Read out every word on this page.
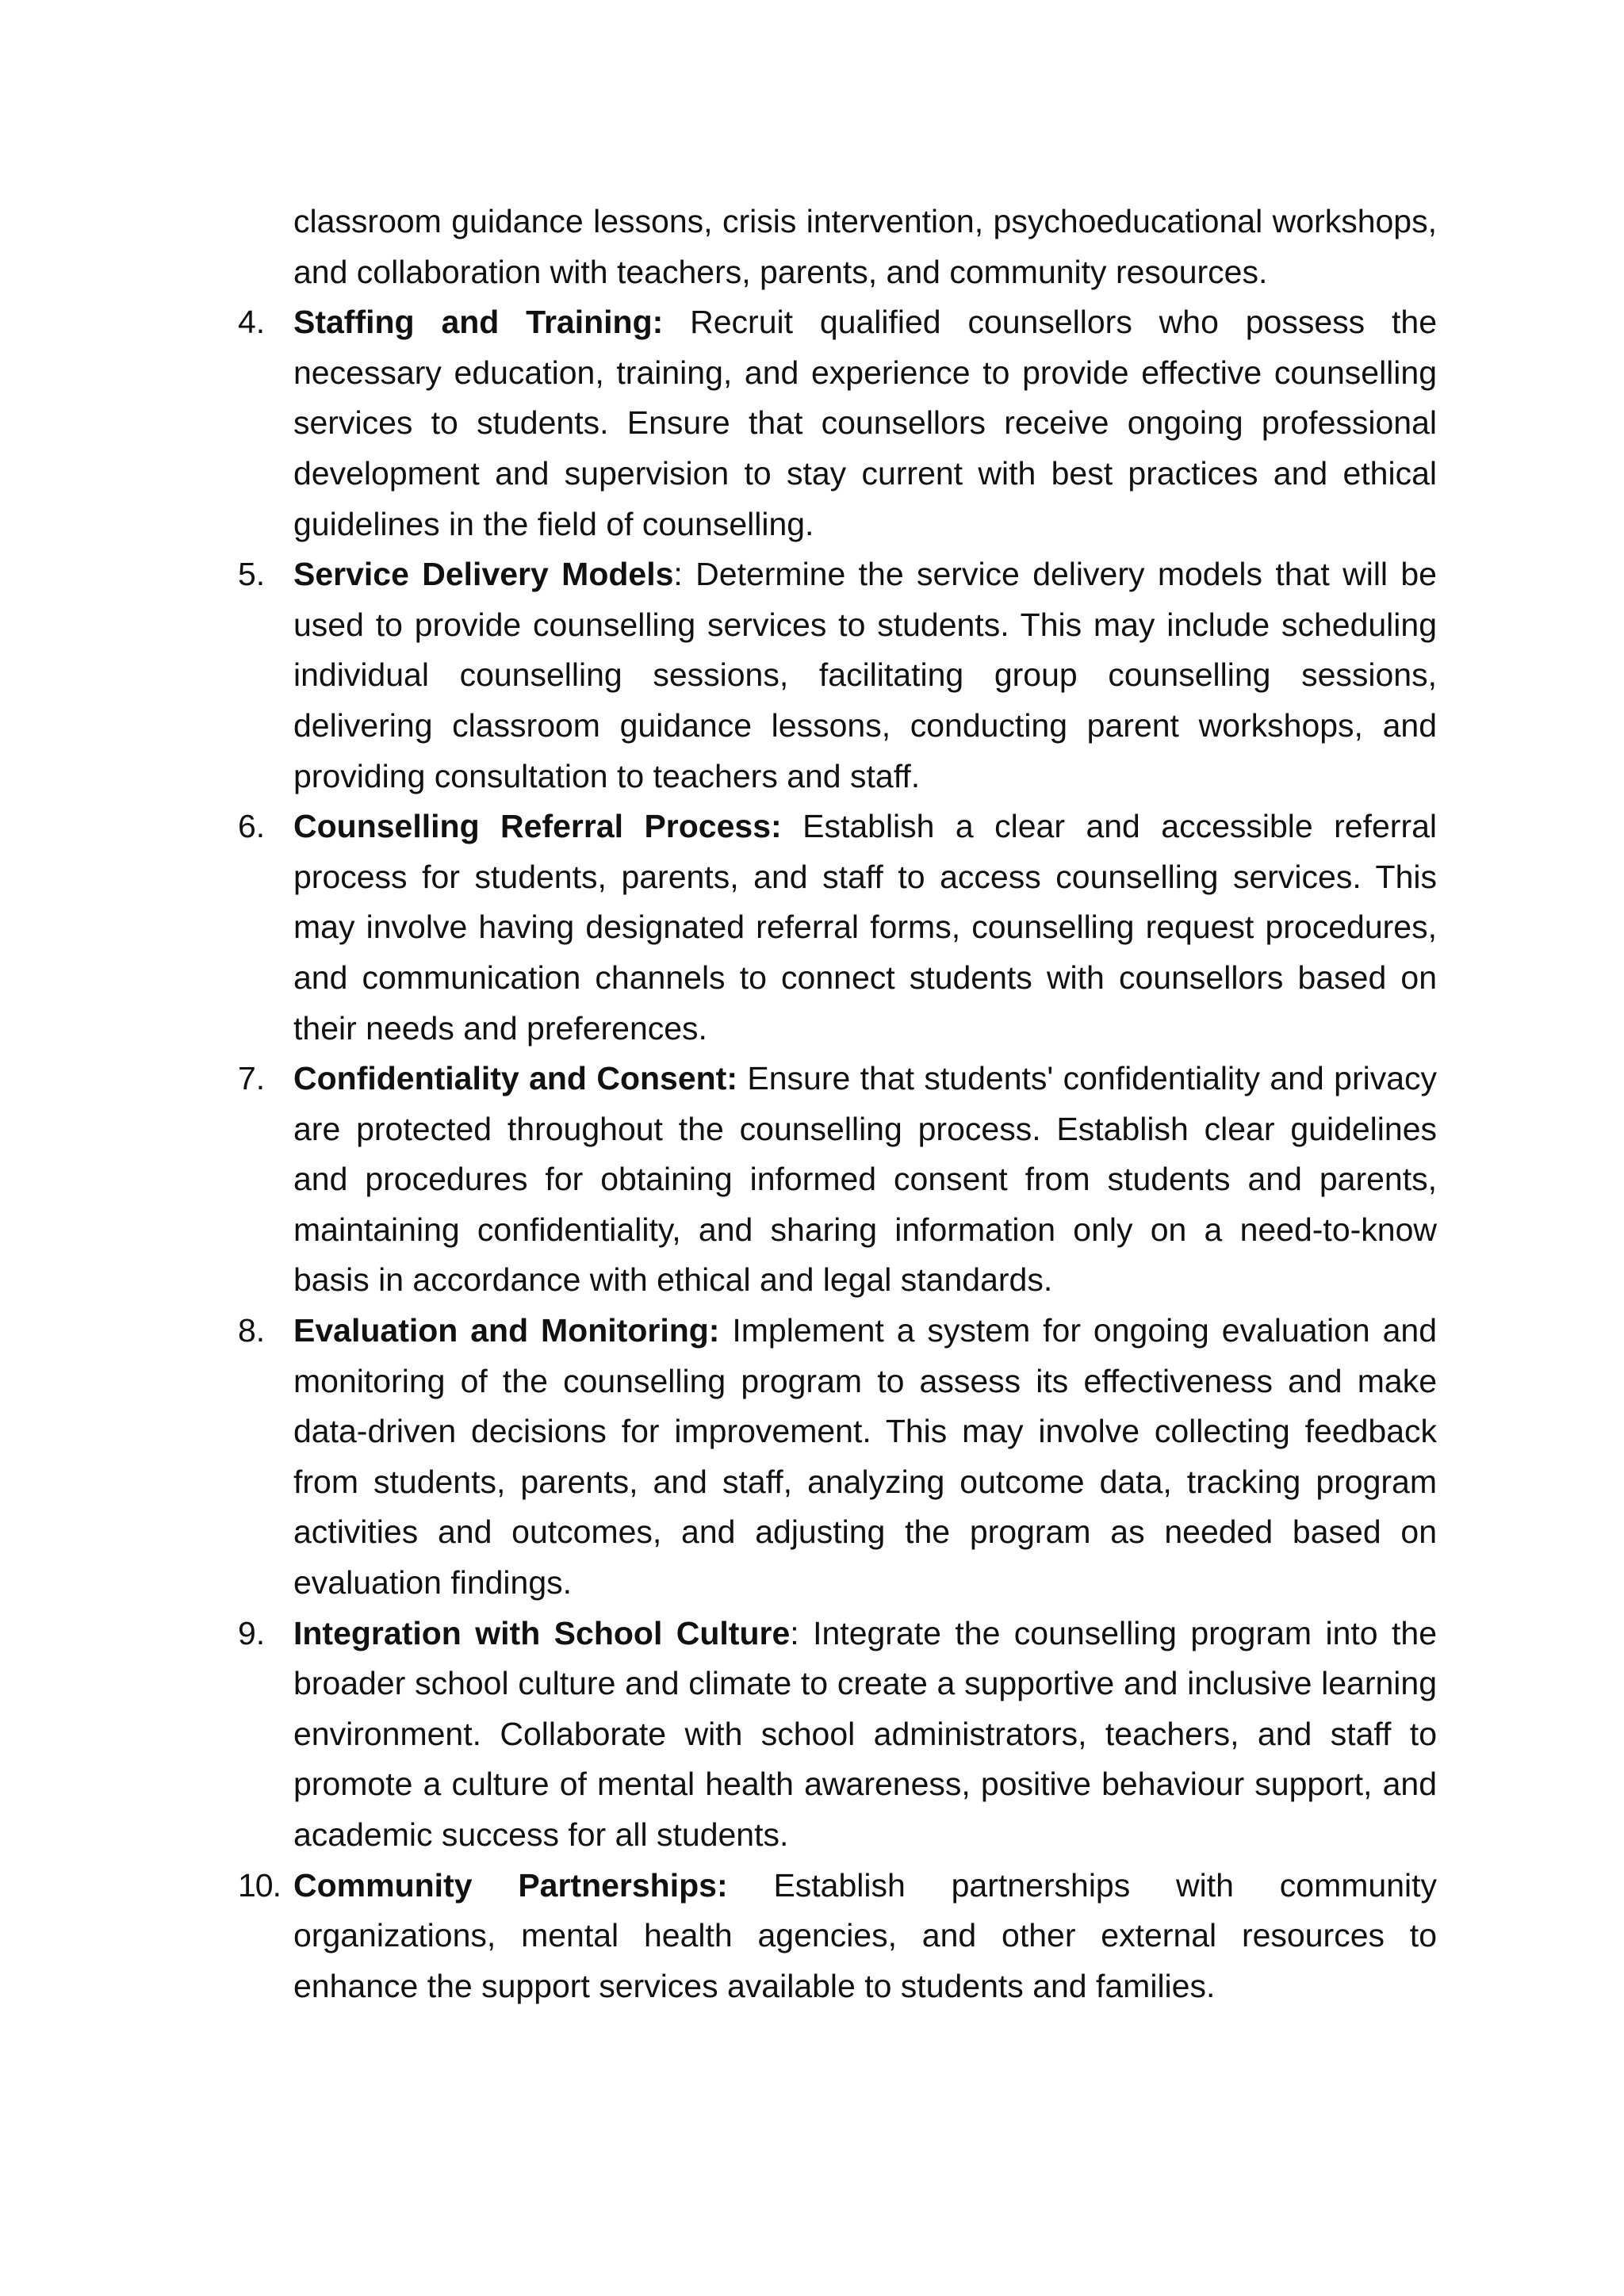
classroom guidance lessons, crisis intervention, psychoeducational workshops, and collaboration with teachers, parents, and community resources.

4. Staffing and Training: Recruit qualified counsellors who possess the necessary education, training, and experience to provide effective counselling services to students. Ensure that counsellors receive ongoing professional development and supervision to stay current with best practices and ethical guidelines in the field of counselling.
5. Service Delivery Models: Determine the service delivery models that will be used to provide counselling services to students. This may include scheduling individual counselling sessions, facilitating group counselling sessions, delivering classroom guidance lessons, conducting parent workshops, and providing consultation to teachers and staff.
6. Counselling Referral Process: Establish a clear and accessible referral process for students, parents, and staff to access counselling services. This may involve having designated referral forms, counselling request procedures, and communication channels to connect students with counsellors based on their needs and preferences.
7. Confidentiality and Consent: Ensure that students' confidentiality and privacy are protected throughout the counselling process. Establish clear guidelines and procedures for obtaining informed consent from students and parents, maintaining confidentiality, and sharing information only on a need-to-know basis in accordance with ethical and legal standards.
8. Evaluation and Monitoring: Implement a system for ongoing evaluation and monitoring of the counselling program to assess its effectiveness and make data-driven decisions for improvement. This may involve collecting feedback from students, parents, and staff, analyzing outcome data, tracking program activities and outcomes, and adjusting the program as needed based on evaluation findings.
9. Integration with School Culture: Integrate the counselling program into the broader school culture and climate to create a supportive and inclusive learning environment. Collaborate with school administrators, teachers, and staff to promote a culture of mental health awareness, positive behaviour support, and academic success for all students.
10. Community Partnerships: Establish partnerships with community organizations, mental health agencies, and other external resources to enhance the support services available to students and families.
